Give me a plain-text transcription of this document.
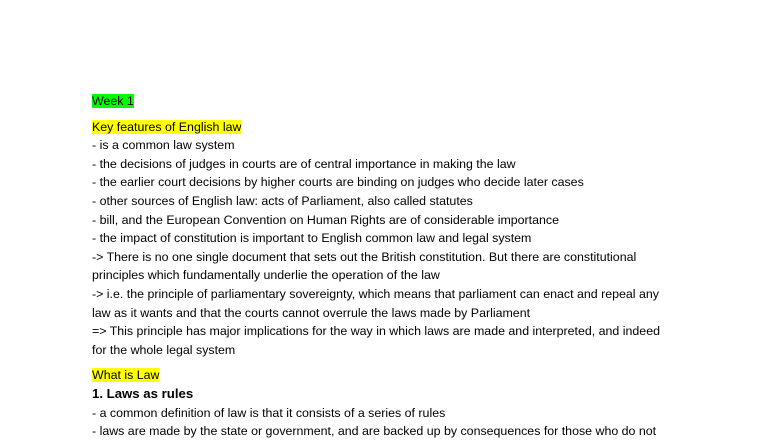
Week 1
Key features of English law
- is a common law system
- the decisions of judges in courts are of central importance in making the law
- the earlier court decisions by higher courts are binding on judges who decide later cases
- other sources of English law: acts of Parliament, also called statutes
- bill, and the European Convention on Human Rights are of considerable importance
- the impact of constitution is important to English common law and legal system
-> There is no one single document that sets out the British constitution. But there are constitutional
principles which fundamentally underlie the operation of the law
-> i.e. the principle of parliamentary sovereignty, which means that parliament can enact and repeal any
law as it wants and that the courts cannot overrule the laws made by Parliament
=> This principle has major implications for the way in which laws are made and interpreted, and indeed
for the whole legal system
What is Law
1. Laws as rules
- a common definition of law is that it consists of a series of rules
- laws are made by the state or government, and are backed up by consequences for those who do not
